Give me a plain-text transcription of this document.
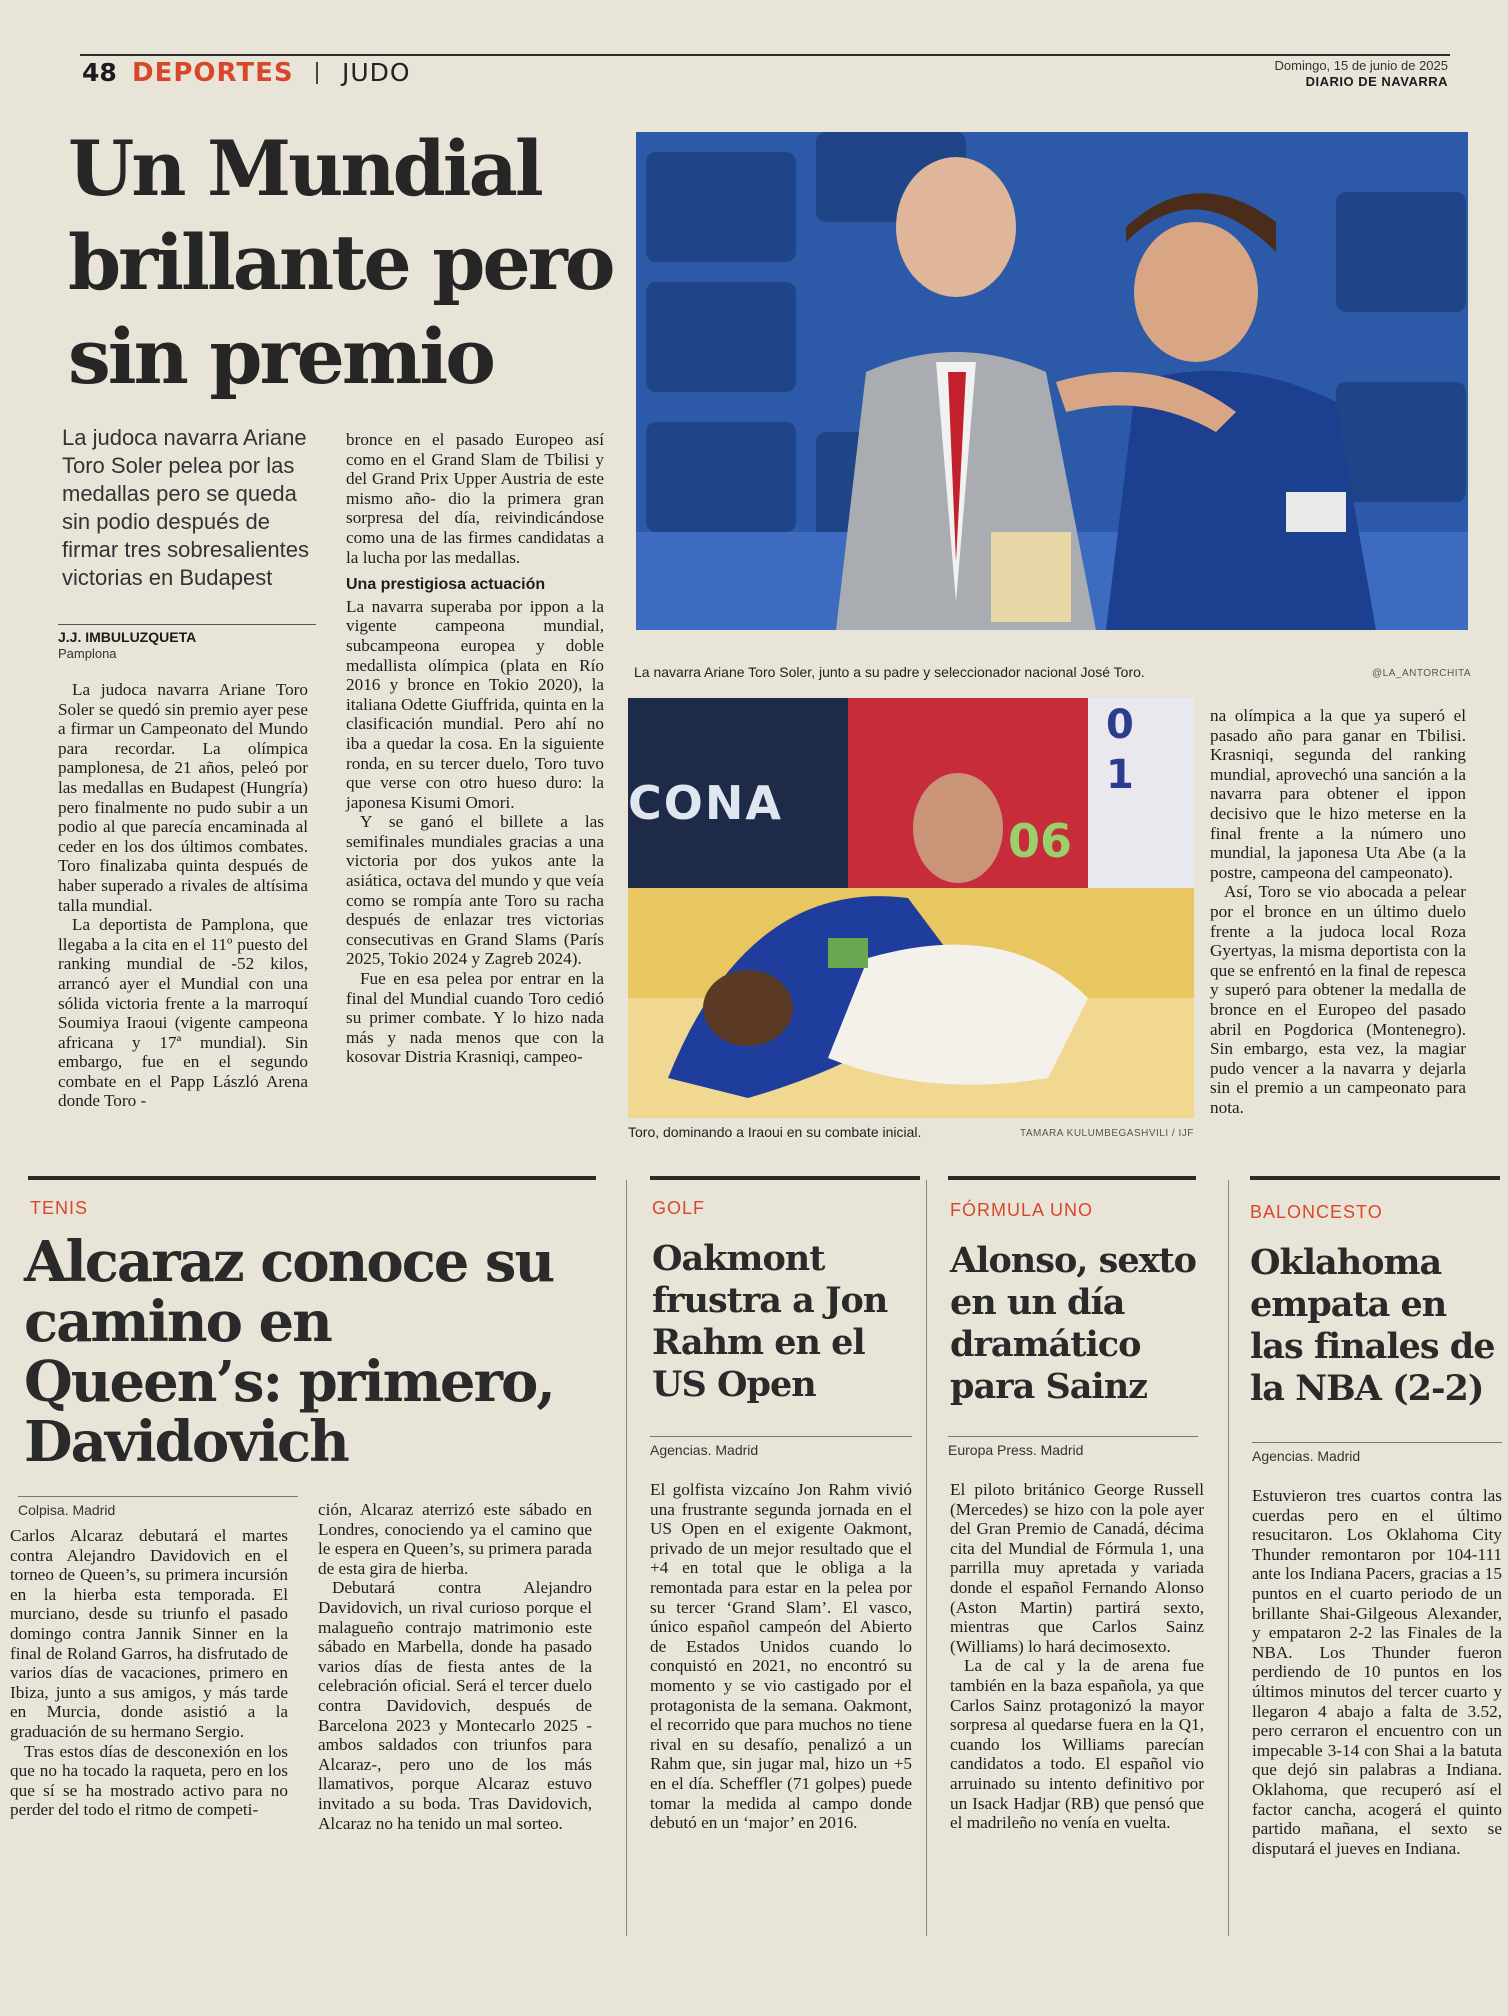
48 DEPORTES JUDO	Domingo, 15 de junio de 2025
DIARIO DE NAVARRA
Un Mundial brillante pero sin premio
La judoca navarra Ariane Toro Soler pelea por las medallas pero se queda sin podio después de firmar tres sobresalientes victorias en Budapest
J.J. IMBULUZQUETA
Pamplona

La judoca navarra Ariane Toro Soler se quedó sin premio ayer pese a firmar un Campeonato del Mundo para recordar. La olímpica pamplonesa, de 21 años, peleó por las medallas en Budapest (Hungría) pero finalmente no pudo subir a un podio al que parecía encaminada al ceder en los dos últimos combates. Toro finalizaba quinta después de haber superado a rivales de altísima talla mundial.

La deportista de Pamplona, que llegaba a la cita en el 11º puesto del ranking mundial de -52 kilos, arrancó ayer el Mundial con una sólida victoria frente a la marroquí Soumiya Iraoui (vigente campeona africana y 17ª mundial). Sin embargo, fue en el segundo combate en el Papp László Arena donde Toro -

bronce en el pasado Europeo así como en el Grand Slam de Tbilisi y del Grand Prix Upper Austria de este mismo año- dio la primera gran sorpresa del día, reivindicándose como una de las firmes candidatas a la lucha por las medallas.

Una prestigiosa actuación

La navarra superaba por ippon a la vigente campeona mundial, subcampeona europea y doble medallista olímpica (plata en Río 2016 y bronce en Tokio 2020), la italiana Odette Giuffrida, quinta en la clasificación mundial. Pero ahí no iba a quedar la cosa. En la siguiente ronda, en su tercer duelo, Toro tuvo que verse con otro hueso duro: la japonesa Kisumi Omori.

Y se ganó el billete a las semifinales mundiales gracias a una victoria por dos yukos ante la asiática, octava del mundo y que veía como se rompía ante Toro su racha después de enlazar tres victorias consecutivas en Grand Slams (París 2025, Tokio 2024 y Zagreb 2024).

Fue en esa pelea por entrar en la final del Mundial cuando Toro cedió su primer combate. Y lo hizo nada más y nada menos que con la kosovar Distria Krasniqi, campeo-

La navarra Ariane Toro Soler, junto a su padre y seleccionador nacional José Toro.	@LA_ANTORCHITA
CONA
0
1
06
Toro, dominando a Iraoui en su combate inicial.	TAMARA KULUMBEGASHVILI / IJF

na olímpica a la que ya superó el pasado año para ganar en Tbilisi. Krasniqi, segunda del ranking mundial, aprovechó una sanción a la navarra para obtener el ippon decisivo que le hizo meterse en la final frente a la número uno mundial, la japonesa Uta Abe (a la postre, campeona del campeonato).

Así, Toro se vio abocada a pelear por el bronce en un último duelo frente a la judoca local Roza Gyertyas, la misma deportista con la que se enfrentó en la final de repesca y superó para obtener la medalla de bronce en el Europeo del pasado abril en Pogdorica (Montenegro). Sin embargo, esta vez, la magiar pudo vencer a la navarra y dejarla sin el premio a un campeonato para nota.

TENIS
Alcaraz conoce su camino en Queen’s: primero, Davidovich
Colpisa. Madrid

Carlos Alcaraz debutará el martes contra Alejandro Davidovich en el torneo de Queen’s, su primera incursión en la hierba esta temporada. El murciano, desde su triunfo el pasado domingo contra Jannik Sinner en la final de Roland Garros, ha disfrutado de varios días de vacaciones, primero en Ibiza, junto a sus amigos, y más tarde en Murcia, donde asistió a la graduación de su hermano Sergio.

Tras estos días de desconexión en los que no ha tocado la raqueta, pero en los que sí se ha mostrado activo para no perder del todo el ritmo de competi-

ción, Alcaraz aterrizó este sábado en Londres, conociendo ya el camino que le espera en Queen’s, su primera parada de esta gira de hierba.

Debutará contra Alejandro Davidovich, un rival curioso porque el malagueño contrajo matrimonio este sábado en Marbella, donde ha pasado varios días de fiesta antes de la celebración oficial. Será el tercer duelo contra Davidovich, después de Barcelona 2023 y Montecarlo 2025 -ambos saldados con triunfos para Alcaraz-, pero uno de los más llamativos, porque Alcaraz estuvo invitado a su boda. Tras Davidovich, Alcaraz no ha tenido un mal sorteo.

GOLF
Oakmont frustra a Jon Rahm en el US Open
Agencias. Madrid

El golfista vizcaíno Jon Rahm vivió una frustrante segunda jornada en el US Open en el exigente Oakmont, privado de un mejor resultado que el +4 en total que le obliga a la remontada para estar en la pelea por su tercer ‘Grand Slam’. El vasco, único español campeón del Abierto de Estados Unidos cuando lo conquistó en 2021, no encontró su momento y se vio castigado por el protagonista de la semana. Oakmont, el recorrido que para muchos no tiene rival en su desafío, penalizó a un Rahm que, sin jugar mal, hizo un +5 en el día. Scheffler (71 golpes) puede tomar la medida al campo donde debutó en un ‘major’ en 2016.

FÓRMULA UNO
Alonso, sexto en un día dramático para Sainz
Europa Press. Madrid

El piloto británico George Russell (Mercedes) se hizo con la pole ayer del Gran Premio de Canadá, décima cita del Mundial de Fórmula 1, una parrilla muy apretada y variada donde el español Fernando Alonso (Aston Martin) partirá sexto, mientras que Carlos Sainz (Williams) lo hará decimosexto.

La de cal y la de arena fue también en la baza española, ya que Carlos Sainz protagonizó la mayor sorpresa al quedarse fuera en la Q1, cuando los Williams parecían candidatos a todo. El español vio arruinado su intento definitivo por un Isack Hadjar (RB) que pensó que el madrileño no venía en vuelta.

BALONCESTO
Oklahoma empata en las finales de la NBA (2-2)
Agencias. Madrid

Estuvieron tres cuartos contra las cuerdas pero en el último resucitaron. Los Oklahoma City Thunder remontaron por 104-111 ante los Indiana Pacers, gracias a 15 puntos en el cuarto periodo de un brillante Shai-Gilgeous Alexander, y empataron 2-2 las Finales de la NBA. Los Thunder fueron perdiendo de 10 puntos en los últimos minutos del tercer cuarto y llegaron 4 abajo a falta de 3.52, pero cerraron el encuentro con un impecable 3-14 con Shai a la batuta que dejó sin palabras a Indiana. Oklahoma, que recuperó así el factor cancha, acogerá el quinto partido mañana, el sexto se disputará el jueves en Indiana.
